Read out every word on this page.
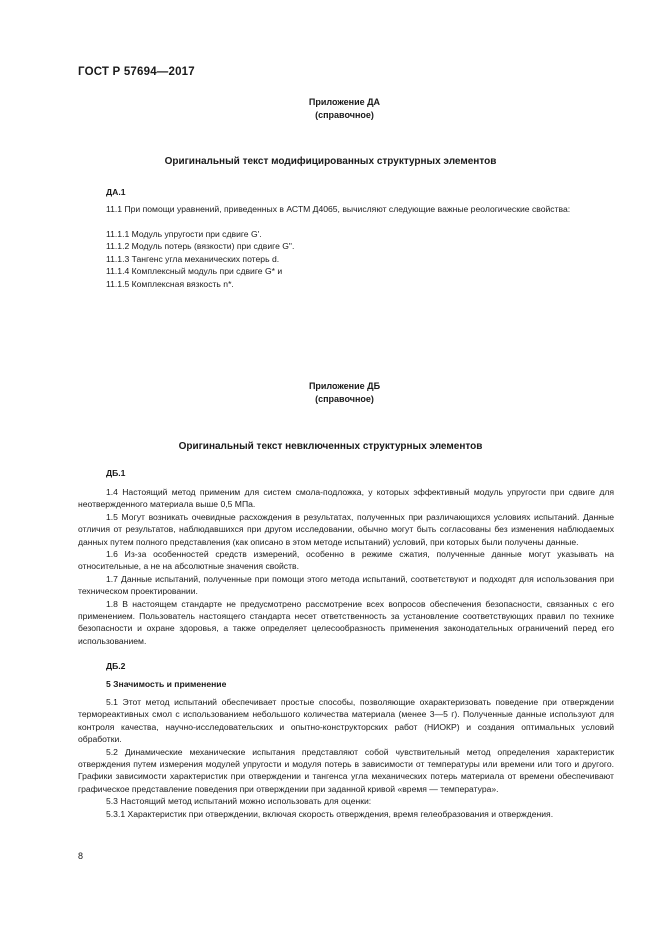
ГОСТ Р 57694—2017
Приложение ДА
(справочное)
Оригинальный текст модифицированных структурных элементов
ДА.1

11.1 При помощи уравнений, приведенных в АСТМ Д4065, вычисляют следующие важные реологические свойства:

11.1.1 Модуль упругости при сдвиге G'.
11.1.2 Модуль потерь (вязкости) при сдвиге G".
11.1.3 Тангенс угла механических потерь d.
11.1.4 Комплексный модуль при сдвиге G* и
11.1.5 Комплексная вязкость n*.
Приложение ДБ
(справочное)
Оригинальный текст невключенных структурных элементов
ДБ.1

1.4 Настоящий метод применим для систем смола-подложка, у которых эффективный модуль упругости при сдвиге для неотвержденного материала выше 0,5 МПа.

1.5 Могут возникать очевидные расхождения в результатах, полученных при различающихся условиях испытаний. Данные отличия от результатов, наблюдавшихся при другом исследовании, обычно могут быть согласованы без изменения наблюдаемых данных путем полного представления (как описано в этом методе испытаний) условий, при которых были получены данные.

1.6 Из-за особенностей средств измерений, особенно в режиме сжатия, полученные данные могут указывать на относительные, а не на абсолютные значения свойств.

1.7 Данные испытаний, полученные при помощи этого метода испытаний, соответствуют и подходят для использования при техническом проектировании.

1.8 В настоящем стандарте не предусмотрено рассмотрение всех вопросов обеспечения безопасности, связанных с его применением. Пользователь настоящего стандарта несет ответственность за установление соответствующих правил по технике безопасности и охране здоровья, а также определяет целесообразность применения законодательных ограничений перед его использованием.

ДБ.2
5 Значимость и применение

5.1 Этот метод испытаний обеспечивает простые способы, позволяющие охарактеризовать поведение при отверждении термореактивных смол с использованием небольшого количества материала (менее 3—5 г). Полученные данные используют для контроля качества, научно-исследовательских и опытно-конструкторских работ (НИОКР) и создания оптимальных условий обработки.

5.2 Динамические механические испытания представляют собой чувствительный метод определения характеристик отверждения путем измерения модулей упругости и модуля потерь в зависимости от температуры или времени или того и другого. Графики зависимости характеристик при отверждении и тангенса угла механических потерь материала от времени обеспечивают графическое представление поведения при отверждении при заданной кривой «время — температура».

5.3 Настоящий метод испытаний можно использовать для оценки:

5.3.1 Характеристик при отверждении, включая скорость отверждения, время гелеобразования и отверждения.

8
